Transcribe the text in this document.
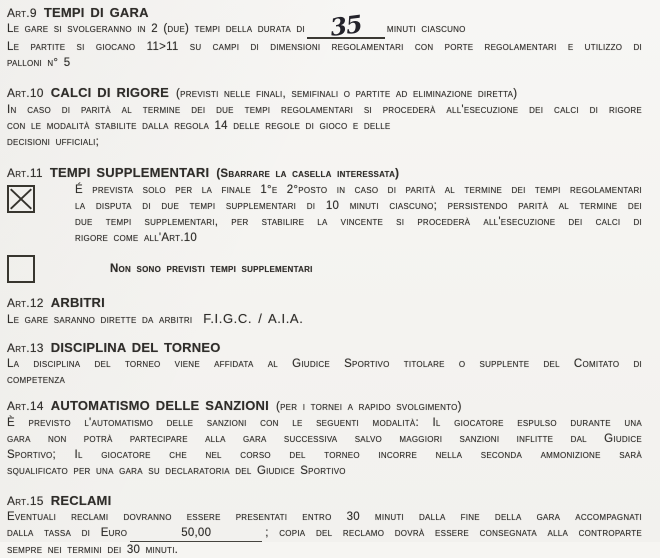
Art.9 TEMPI DI GARA

Le gare si svolgeranno in 2 (due) tempi della durata di 35 minuti ciascuno

Le partite si giocano 11>11 su campi di dimensioni regolamentari con porte regolamentari e utilizzo di

palloni n° 5

Art.10 CALCI DI RIGORE (previsti nelle finali, semifinali o partite ad eliminazione diretta)

In caso di parità al termine dei due tempi regolamentari si procederà all'esecuzione dei calci di rigore

con le modalità stabilite dalla regola 14 delle regole di gioco e delle

decisioni ufficiali;

Art.11 TEMPI SUPPLEMENTARI (Sbarrare la casella interessata)

É prevista solo per la finale 1°e 2°posto in caso di parità al termine dei tempi regolamentari

la disputa di due tempi supplementari di 10 minuti ciascuno; persistendo parità al termine dei

due tempi supplementari, per stabilire la vincente si procederà all'esecuzione dei calci di

rigore come all'Art.10

Non sono previsti tempi supplementari
Art.12 ARBITRI

Le gare saranno dirette da arbitri F.I.G.C. / A.I.A.

Art.13 DISCIPLINA DEL TORNEO

La disciplina del torneo viene affidata al Giudice Sportivo titolare o supplente del Comitato di

competenza

Art.14 AUTOMATISMO DELLE SANZIONI (per i tornei a rapido svolgimento)

È previsto l'automatismo delle sanzioni con le seguenti modalità: Il giocatore espulso durante una

gara non potrà partecipare alla gara successiva salvo maggiori sanzioni inflitte dal Giudice

Sportivo; Il giocatore che nel corso del torneo incorre nella seconda ammonizione sarà

squalificato per una gara su declaratoria del Giudice Sportivo

Art.15 RECLAMI

Eventuali reclami dovranno essere presentati entro 30 minuti dalla fine della gara accompagnati

dalla tassa di Euro	50,00	; copia del reclamo dovrà essere consegnata alla controparte

sempre nei termini dei 30 minuti.
